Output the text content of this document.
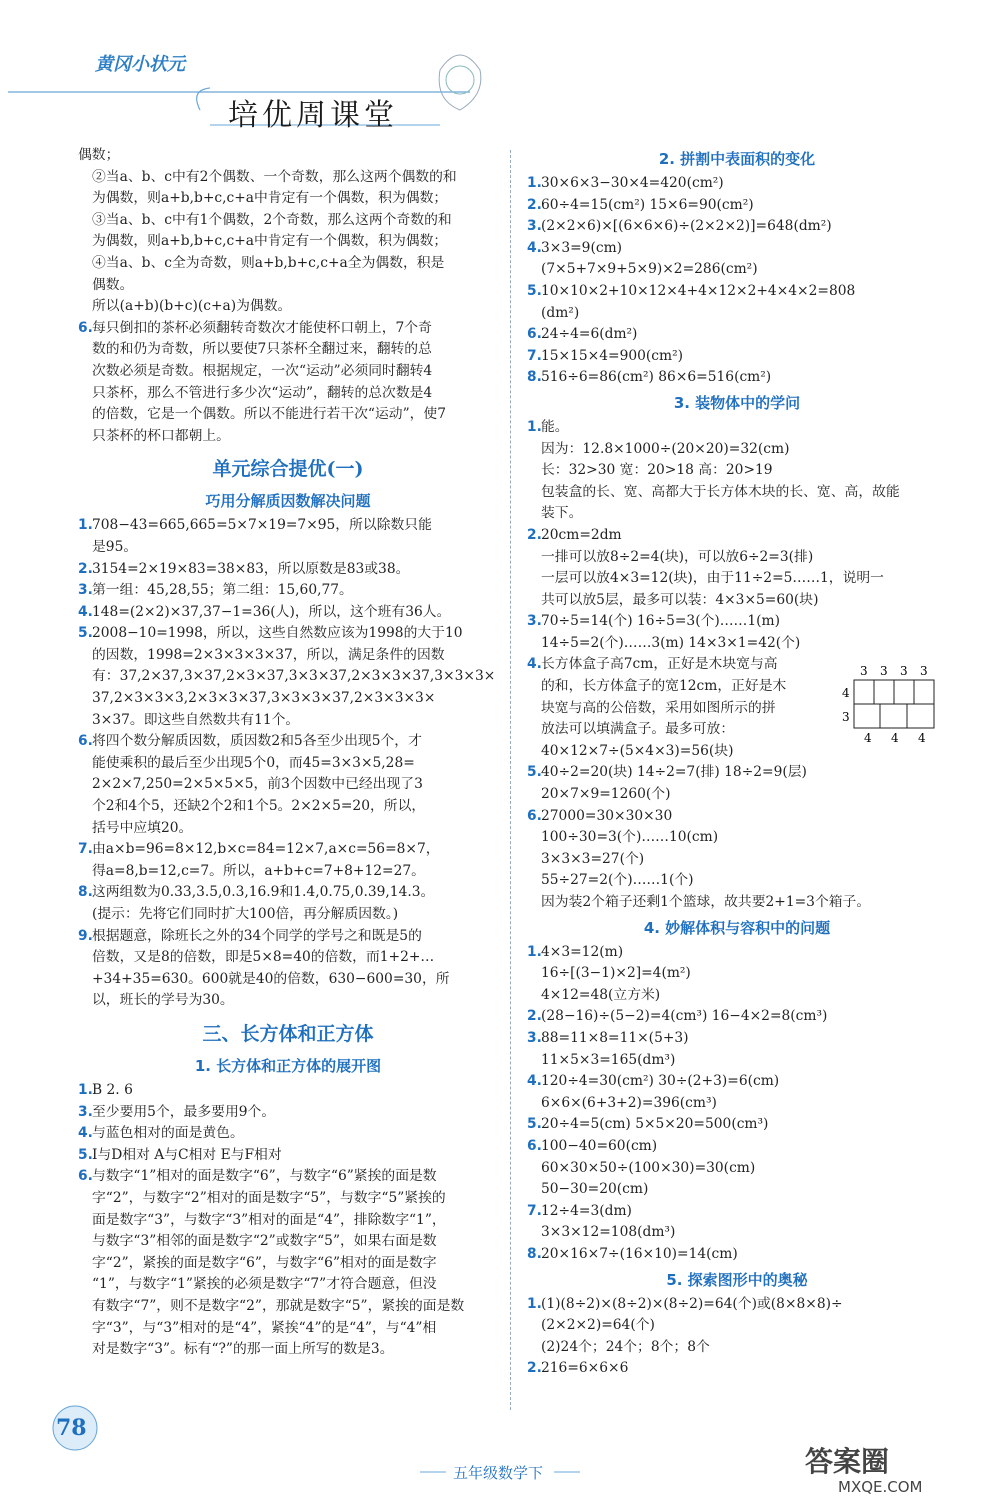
黄冈小状元
培优周课堂
偶数；
②当a、b、c中有2个偶数、一个奇数，那么这两个偶数的和
为偶数，则a+b,b+c,c+a中肯定有一个偶数，积为偶数；
③当a、b、c中有1个偶数，2个奇数，那么这两个奇数的和
为偶数，则a+b,b+c,c+a中肯定有一个偶数，积为偶数；
④当a、b、c全为奇数，则a+b,b+c,c+a全为偶数，积是
偶数。
所以(a+b)(b+c)(c+a)为偶数。
6. 每只倒扣的茶杯必须翻转奇数次才能使杯口朝上，7个奇
数的和仍为奇数，所以要使7只茶杯全翻过来，翻转的总
次数必须是奇数。根据规定，一次“运动”必须同时翻转4
只茶杯，那么不管进行多少次“运动”，翻转的总次数是4
的倍数，它是一个偶数。所以不能进行若干次“运动”，使7
只茶杯的杯口都朝上。
单元综合提优(一)
巧用分解质因数解决问题
1. 708−43=665,665=5×7×19=7×95，所以除数只能
是95。
2. 3154=2×19×83=38×83，所以原数是83或38。
3. 第一组：45,28,55；第二组：15,60,77。
4. 148=(2×2)×37,37−1=36(人)，所以，这个班有36人。
5. 2008−10=1998，所以，这些自然数应该为1998的大于10
的因数，1998=2×3×3×3×37，所以，满足条件的因数
有：37,2×37,3×37,2×3×37,3×3×37,2×3×3×37,3×3×3×
37,2×3×3×3,2×3×3×37,3×3×3×37,2×3×3×3×
3×37。即这些自然数共有11个。
6. 将四个数分解质因数，质因数2和5各至少出现5个，才
能使乘积的最后至少出现5个0，而45=3×3×5,28=
2×2×7,250=2×5×5×5，前3个因数中已经出现了3
个2和4个5，还缺2个2和1个5。2×2×5=20，所以，
括号中应填20。
7. 由a×b=96=8×12,b×c=84=12×7,a×c=56=8×7，
得a=8,b=12,c=7。所以，a+b+c=7+8+12=27。
8. 这两组数为0.33,3.5,0.3,16.9和1.4,0.75,0.39,14.3。
(提示：先将它们同时扩大100倍，再分解质因数。)
9. 根据题意，除班长之外的34个同学的学号之和既是5的
倍数，又是8的倍数，即是5×8=40的倍数，而1+2+…
+34+35=630。600就是40的倍数，630−600=30，所
以，班长的学号为30。
三、长方体和正方体
1. 长方体和正方体的展开图
1. B 2. 6
3. 至少要用5个，最多要用9个。
4. 与蓝色相对的面是黄色。
5. I与D相对 A与C相对 E与F相对
6. 与数字“1”相对的面是数字“6”，与数字“6”紧挨的面是数
字“2”，与数字“2”相对的面是数字“5”，与数字“5”紧挨的
面是数字“3”，与数字“3”相对的面是“4”，排除数字“1”，
与数字“3”相邻的面是数字“2”或数字“5”，如果右面是数
字“2”，紧挨的面是数字“6”，与数字“6”相对的面是数字
“1”，与数字“1”紧挨的必须是数字“7”才符合题意，但没
有数字“7”，则不是数字“2”，那就是数字“5”，紧挨的面是数
字“3”，与“3”相对的是“4”，紧挨“4”的是“4”，与“4”相
对是数字“3”。标有“?”的那一面上所写的数是3。
2. 拼割中表面积的变化
1. 30×6×3−30×4=420(cm²)
2. 60÷4=15(cm²) 15×6=90(cm²)
3. (2×2×6)×[(6×6×6)÷(2×2×2)]=648(dm²)
4. 3×3=9(cm)
(7×5+7×9+5×9)×2=286(cm²)
5. 10×10×2+10×12×4+4×12×2+4×4×2=808
(dm²)
6. 24÷4=6(dm²)
7. 15×15×4=900(cm²)
8. 516÷6=86(cm²) 86×6=516(cm²)
3. 装物体中的学问
1. 能。
因为：12.8×1000÷(20×20)=32(cm)
长：32>30 宽：20>18 高：20>19
包装盒的长、宽、高都大于长方体木块的长、宽、高，故能
装下。
2. 20cm=2dm
一排可以放8÷2=4(块)，可以放6÷2=3(排)
一层可以放4×3=12(块)，由于11÷2=5……1，说明一
共可以放5层，最多可以装：4×3×5=60(块)
3. 70÷5=14(个) 16÷5=3(个)……1(m)
14÷5=2(个)……3(m) 14×3×1=42(个)
4. 长方体盒子高7cm，正好是木块宽与高
的和，长方体盒子的宽12cm，正好是木
块宽与高的公倍数，采用如图所示的拼
放法可以填满盒子。最多可放：
40×12×7÷(5×4×3)=56(块)
5. 40÷2=20(块) 14÷2=7(排) 18÷2=9(层)
20×7×9=1260(个)
6. 27000=30×30×30
100÷30=3(个)……10(cm)
3×3×3=27(个)
55÷27=2(个)……1(个)
因为装2个箱子还剩1个篮球，故共要2+1=3个箱子。
4. 妙解体积与容积中的问题
1. 4×3=12(m)
16÷[(3−1)×2]=4(m²)
4×12=48(立方米)
2. (28−16)÷(5−2)=4(cm³) 16−4×2=8(cm³)
3. 88=11×8=11×(5+3)
11×5×3=165(dm³)
4. 120÷4=30(cm²) 30÷(2+3)=6(cm)
6×6×(6+3+2)=396(cm³)
5. 20÷4=5(cm) 5×5×20=500(cm³)
6. 100−40=60(cm)
60×30×50÷(100×30)=30(cm)
50−30=20(cm)
7. 12÷4=3(dm)
3×3×12=108(dm³)
8. 20×16×7÷(16×10)=14(cm)
5. 探索图形中的奥秘
1. (1)(8÷2)×(8÷2)×(8÷2)=64(个)或(8×8×8)÷
(2×2×2)=64(个)
(2)24个；24个；8个；8个
2. 216=6×6×6
3 3 3 3
4
3
4 4 4
78
五年级数学下	答案圈
MXQE.COM
